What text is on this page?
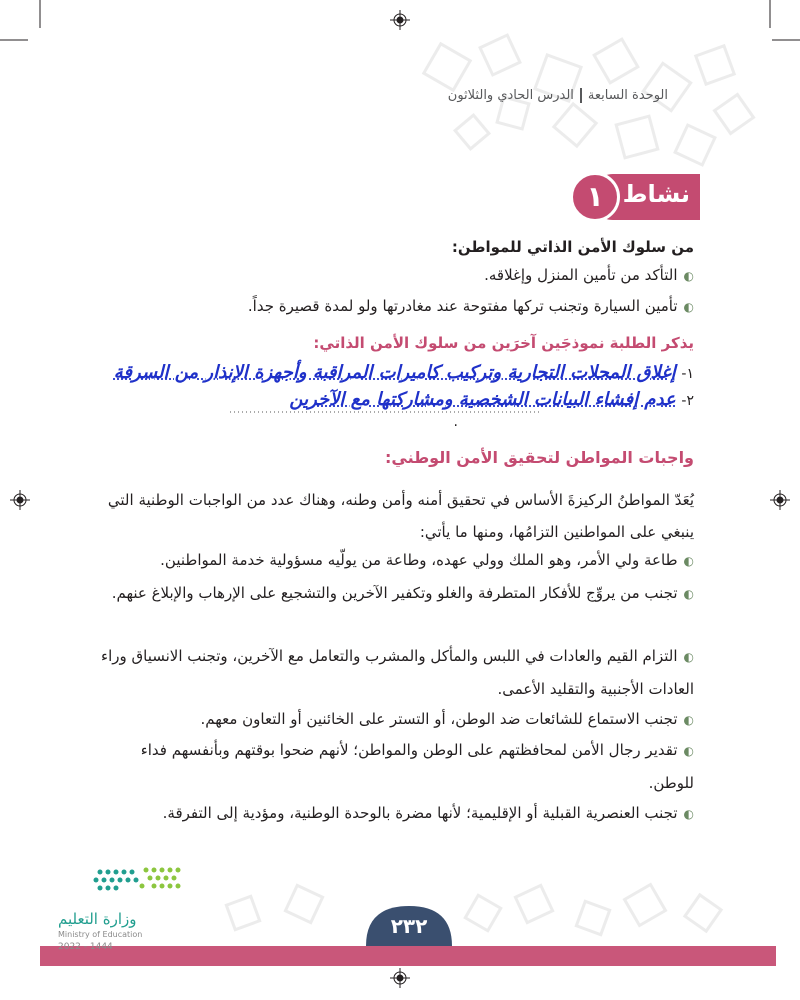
الوحدة السابعةالدرس الحادي والثلاثون
نشاط
١
من سلوك الأمن الذاتي للمواطن:
◐ التأكد من تأمين المنزل وإغلاقه.
◐ تأمين السيارة وتجنب تركها مفتوحة عند مغادرتها ولو لمدة قصيرة جداً.
يذكر الطلبة نموذجَين آخرَين من سلوك الأمن الذاتي:
١- إغلاق المحلات التجارية وتركيب كاميرات المراقبة وأجهزة الإنذار من السرقة
٢- عدم إفشاء البيانات الشخصية ومشاركتها مع الآخرين .
واجبات المواطن لتحقيق الأمن الوطني:
يُعَدّ المواطنُ الركيزةَ الأساس في تحقيق أمنه وأمن وطنه، وهناك عدد من الواجبات الوطنية التي ينبغي على المواطنين التزامُها، ومنها ما يأتي:
◐ طاعة ولي الأمر، وهو الملك وولي عهده، وطاعة من يولّيه مسؤولية خدمة المواطنين.
◐ تجنب من يروِّج للأفكار المتطرفة والغلو وتكفير الآخرين والتشجيع على الإرهاب والإبلاغ عنهم.
◐ التزام القيم والعادات في اللبس والمأكل والمشرب والتعامل مع الآخرين، وتجنب الانسياق وراء العادات الأجنبية والتقليد الأعمى.
◐ تجنب الاستماع للشائعات ضد الوطن، أو التستر على الخائنين أو التعاون معهم.
◐ تقدير رجال الأمن لمحافظتهم على الوطن والمواطن؛ لأنهم ضحوا بوقتهم وبأنفسهم فداء للوطن.
◐ تجنب العنصرية القبلية أو الإقليمية؛ لأنها مضرة بالوحدة الوطنية، ومؤدية إلى التفرقة.
وزارة التعليم
Ministry of Education
2022 - 1444
٢٣٢
